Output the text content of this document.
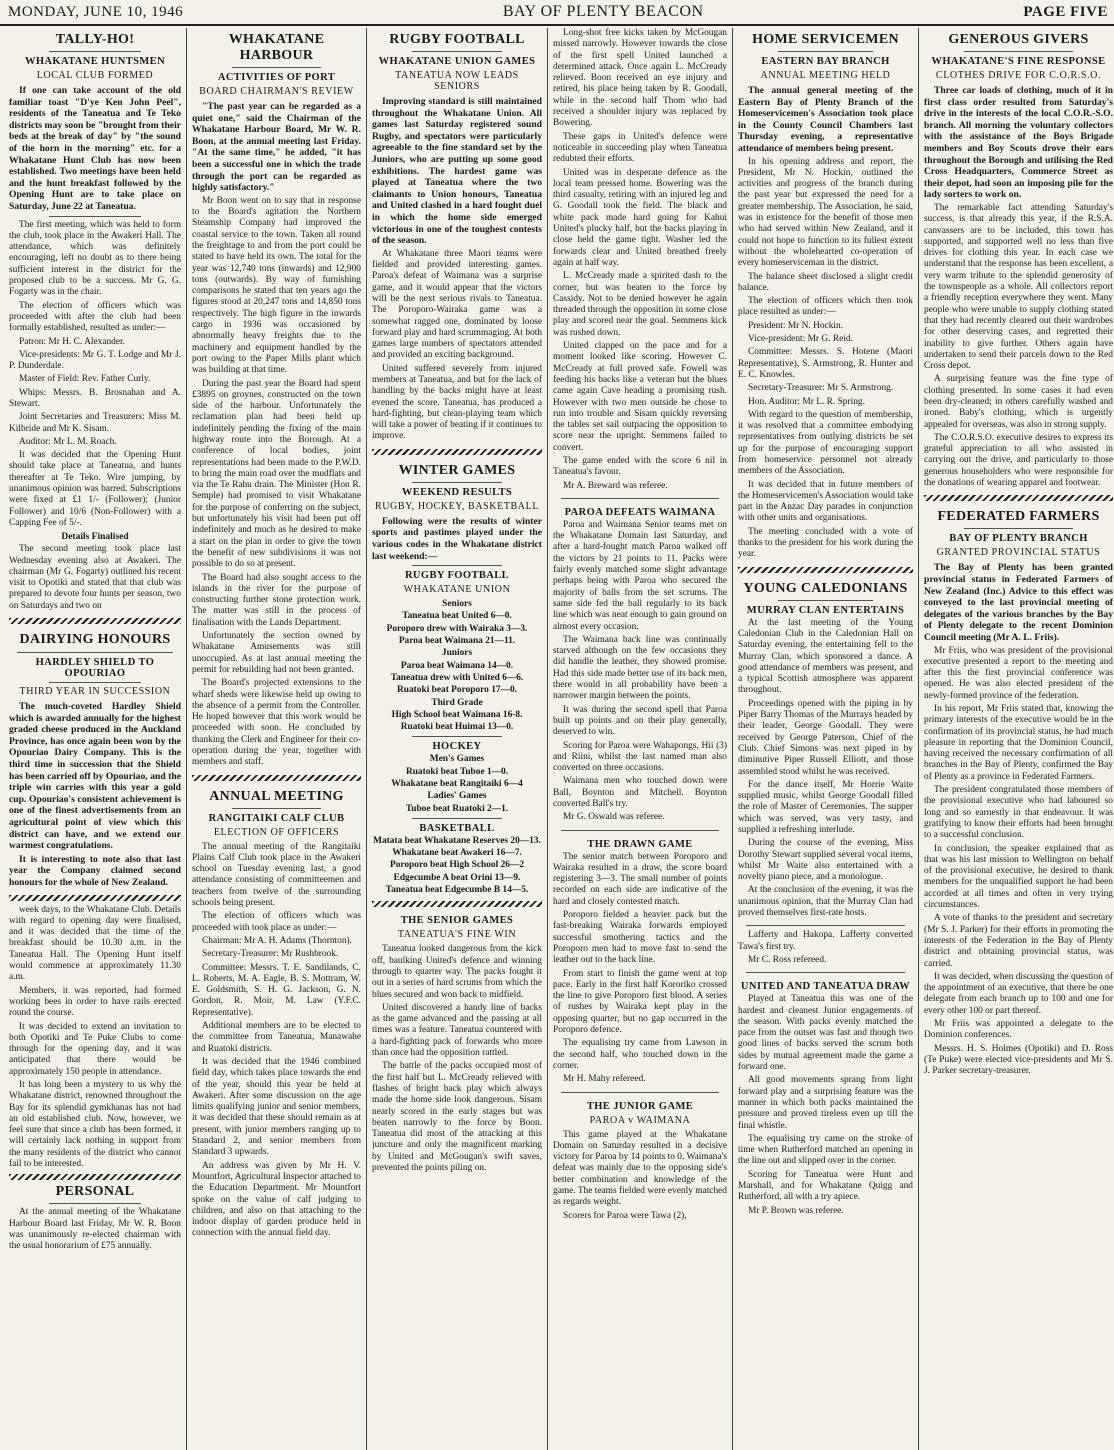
MONDAY, JUNE 10, 1946	BAY OF PLENTY BEACON	PAGE FIVE
TALLY-HO!
WHAKATANE HUNTSMEN
LOCAL CLUB FORMED

If one can take account of the old familiar toast "D'ye Ken John Peel", residents of the Taneatua and Te Teko districts may soon be "brought from their beds at the break of day" by "the sound of the horn in the morning" etc. for a Whakatane Hunt Club has now been established. Two meetings have been held and the hunt breakfast followed by the Opening Hunt are to take place on Saturday, June 22 at Taneatua.

The first meeting, which was held to form the club, took place in the Awakeri Hall. The attendance, which was definitely encouraging, left no doubt as to there being sufficient interest in the district for the proposed club to be a success. Mr G. G. Fogarty was in the chair.

The election of officers which was proceeded with after the club had been formally established, resulted as under:—

Patron: Mr H. C. Alexander.

Vice-presidents: Mr G. T. Lodge and Mr J. P. Dunderdale.

Master of Field: Rev. Father Curly.

Whips: Messrs. B. Brosnahan and A. Stewart.

Joint Secretaries and Treasurers: Miss M. Kilbride and Mr K. Sisam.

Auditor: Mr L. M. Roach.

It was decided that the Opening Hunt should take place at Taneatua, and hunts thereafter at Te Teko. Wire jumping, by unanimous opinion was barred. Subscriptions were fixed at £1 1/- (Follower); (Junior Follower) and 10/6 (Non-Follower) with a Capping Fee of 5/-.

Details Finalised

The second meeting took place last Wednesday evening also at Awakeri. The chairman (Mr G. Fogarty) outlined his recent visit to Opotiki and stated that that club was prepared to devote four hunts per season, two on Saturdays and two on

DAIRYING HONOURS
HARDLEY SHIELD TO OPOURIAO
THIRD YEAR IN SUCCESSION

The much-coveted Hardley Shield which is awarded annually for the highest graded cheese produced in the Auckland Province, has once again been won by the Opouriao Dairy Company. This is the third time in succession that the Shield has been carried off by Opouriao, and the triple win carries with this year a gold cup. Opouriao's consistent achievement is one of the finest advertisements from an agricultural point of view which this district can have, and we extend our warmest congratulations.

It is interesting to note also that last year the Company claimed second honours for the whole of New Zealand.

week days, to the Whakatane Club. Details with regard to opening day were finalised, and it was decided that the time of the breakfast should be 10.30 a.m. in the Taneatua Hall. The Opening Hunt itself would commence at approximately 11.30 a.m.

Members, it was reported, had formed working bees in order to have rails erected round the course.

It was decided to extend an invitation to both Opotiki and Te Puke Clubs to come through for the opening day, and it was anticipated that there would be approximately 150 people in attendance.

It has long been a mystery to us why the Whakatane district, renowned throughout the Bay for its splendid gymkhanas has not had an old established club. Now, however, we feel sure that since a club has been formed, it will certainly lack nothing in support from the many residents of the district who cannot fail to be interested.

PERSONAL

At the annual meeting of the Whakatane Harbour Board last Friday, Mr W. R. Boon was unanimously re-elected chairman with the usual honorarium of £75 annually.

WHAKATANE HARBOUR
ACTIVITIES OF PORT
BOARD CHAIRMAN'S REVIEW

"The past year can be regarded as a quiet one," said the Chairman of the Whakatane Harbour Board, Mr W. R. Boon, at the annual meeting last Friday. "At the same time," he added, "it has been a successful one in which the trade through the port can be regarded as highly satisfactory."

Mr Boon went on to say that in response to the Board's agitation the Northern Steamship Company had improved the coastal service to the town. Taken all round the freightage to and from the port could be stated to have held its own. The total for the year was 12,740 tons (inwards) and 12,900 tons (outwards). By way of furnishing comparisons he stated that ten years ago the figures stood at 20,247 tons and 14,850 tons respectively. The high figure in the inwards cargo in 1936 was occasioned by abnormally heavy freights due to the machinery and equipment handled by the port owing to the Paper Mills plant which was building at that time.

During the past year the Board had spent £3895 on groynes, constructed on the town side of the harbour. Unfortunately the reclamation plan had been held up indefinitely pending the fixing of the main highway route into the Borough. At a conference of local bodies, joint representations had been made to the P.W.D. to bring the main road over the mudflats and via the Te Rahu drain. The Minister (Hon R. Semple) had promised to visit Whakatane for the purpose of conferring on the subject, but unfortunately his visit had been put off indefinitely and much as he desired to make a start on the plan in order to give the town the benefit of new subdivisions it was not possible to do so at present.

The Board had also sought access to the islands in the river for the purpose of constructing further stone protection work. The matter was still in the process of finalisation with the Lands Department.

Unfortunately the section owned by Whakatane Amusements was still unoccupied. As at last annual meeting the permit for rebuilding had not been granted.

The Board's projected extensions to the wharf sheds were likewise held up owing to the absence of a permit from the Controller. He hoped however that this work would be proceeded with soon. He concluded by thanking the Clerk and Engineer for their co-operation during the year, together with members and staff.

ANNUAL MEETING
RANGITAIKI CALF CLUB
ELECTION OF OFFICERS

The annual meeting of the Rangitaiki Plains Calf Club took place in the Awakeri school on Tuesday evening last, a good attendance consisting of committeemen and teachers from twelve of the surrounding schools being present.

The election of officers which was proceeded with took place as under:—

Chairman: Mr A. H. Adams (Thornton).

Secretary-Treasurer: Mr Rushbrook.

Committee: Messrs. T. E. Sandilands, C. L. Roberts, M. A. Eagle, B. S. Mottram, W. E. Goldsmith, S. H. G. Jackson, G. N. Gordon, R. Moir, M. Law (Y.F.C. Representative).

Additional members are to be elected to the committee from Taneatua, Manawahe and Ruatoki districts.

It was decided that the 1946 combined field day, which takes place towards the end of the year, should this year be held at Awakeri. After some discussion on the age limits qualifying junior and senior members, it was decided that these should remain as at present, with junior members ranging up to Standard 2, and senior members from Standard 3 upwards.

An address was given by Mr H. V. Mountfort, Agricultural Inspector attached to the Education Department. Mr Mountfort spoke on the value of calf judging to children, and also on that attaching to the indoor display of garden produce held in connection with the annual field day.

RUGBY FOOTBALL
WHAKATANE UNION GAMES
TANEATUA NOW LEADS SENIORS

Improving standard is still maintained throughout the Whakatane Union. All games last Saturday registered sound Rugby, and spectators were particularly agreeable to the fine standard set by the Juniors, who are putting up some good exhibitions. The hardest game was played at Taneatua where the two claimants to Union honours, Taneatua and United clashed in a hard fought duel in which the home side emerged victorious in one of the toughest contests of the season.

At Whakatane three Maori teams were fielded and provided interesting games. Paroa's defeat of Waimana was a surprise game, and it would appear that the victors will be the next serious rivals to Taneatua. The Poroporo-Wairaka game was a somewhat ragged one, dominated by loose forward play and hard scrummaging. At both games large numbers of spectators attended and provided an exciting background.

United suffered severely from injured members at Taneatua, and but for the lack of handling by the backs might have at least evened the score. Taneatua, has produced a hard-fighting, but clean-playing team which will take a power of beating if it continues to improve.

WINTER GAMES
WEEKEND RESULTS
RUGBY, HOCKEY, BASKETBALL

Following were the results of winter sports and pastimes played under the various codes in the Whakatane district last weekend:—

RUGBY FOOTBALL
WHAKATANE UNION
Seniors
Taneatua beat United 6—0.
Poroporo drew with Wairaka 3—3.
Paroa beat Waimana 21—11.
Juniors
Paroa beat Waimana 14—0.
Taneatua drew with United 6—6.
Ruatoki beat Poroporo 17—0.
Third Grade
High School beat Waimana 16-8.
Ruatoki beat Huimai 13—0.
HOCKEY
Men's Games
Ruatoki beat Tuboe 1—0.
Whakatane beat Rangitaiki 6—4
Ladies' Games
Tuboe beat Ruatoki 2—1.
BASKETBALL
Matata beat Whakatane Reserves 20—13.
Whakatane beat Awakeri 16—7.
Poroporo beat High School 26—2
Edgecumbe A beat Orini 13—9.
Taneatua beat Edgecumbe B 14—5.
THE SENIOR GAMES
TANEATUA'S FINE WIN

Taneatua looked dangerous from the kick off, baulking United's defence and winning through to quarter way. The packs fought it out in a series of hard scrums from which the blues secured and won back to midfield.

United discovered a handy line of backs as the game advanced and the passing at all times was a feature. Taneatua countered with a hard-fighting pack of forwards who more than once had the opposition rattled.

The battle of the packs occupied most of the first half but L. McCready relieved with flashes of bright back play which always made the home side look dangerous. Sisam nearly scored in the early stages but was beaten narrowly to the force by Boon. Taneatua did most of the attacking at this juncture and only the magnificent marking by United and McGougan's swift saves, prevented the points piling on.

Long-shot free kicks taken by McGougan missed narrowly. However towards the close of the first spell United launched a determined attack. Once again L. McCready relieved. Boon received an eye injury and retired, his place being taken by R. Goodall, while in the second half Thom who had received a shoulder injury was replaced by Bowering.

These gaps in United's defence were noticeable in succeeding play when Taneatua redubted their efforts.

United was in desperate defence as the local team pressed home. Bowering was the third casualty, retiring with an injured leg and G. Goodall took the field. The black and white pack made hard going for Kahui United's plucky half, but the backs playing in close held the game tight. Washer led the forwards clear and United breathed freely again at half way.

L. McCready made a spirited dash to the corner, but was beaten to the force by Cassidy. Not to be denied however he again threaded through the opposition in some close play and scored near the goal. Semmens kick was rushed down.

United clapped on the pace and for a moment looked like scoring. However C. McCready at full proved safe. Fowell was feeding his backs like a veteran but the blues came again Cave heading a promising rush. However with two men outside he chose to run into trouble and Sisam quickly reversing the tables set sail outpacing the opposition to score near the upright. Semmens failed to convert.

The game ended with the score 6 nil in Taneatua's favour.

Mr A. Breward was referee.

PAROA DEFEATS WAIMANA

Paroa and Waimana Senior teams met on the Whakatane Domain last Saturday, and after a hard-fought match Paroa walked off the victors by 21 points to 11. Packs were fairly evenly matched some slight advantage perhaps being with Paroa who secured the majority of balls from the set scrums. The same side fed the ball regularly to its back line which was neat enough to gain ground on almost every occasion.

The Waimana back line was continually starved although on the few occasions they did handle the leather, they showed promise. Had this side made better use of its back men, there would in all probability have been a narrower margin between the points.

It was during the second spell that Paroa built up points and on their play generally, deserved to win.

Scoring for Paroa were Wahapongs, Hii (3) and Riini, whilst the last named man also converted on three occasions.

Waimana men who touched down were Ball, Boynton and Mitchell. Boynton converted Ball's try.

Mr G. Oswald was referee.

THE DRAWN GAME

The senior match between Poroporo and Wairaka resulted in a draw, the score board registering 3—3. The small number of points recorded on each side are indicative of the hard and closely contested match.

Poroporo fielded a heavier pack but the fast-breaking Wairaka forwards employed successful smothering tactics and the Poroporo men had to move fast to send the leather out to the back line.

From start to finish the game went at top pace. Early in the first half Kororiko crossed the line to give Poroporo first blood. A series of rushes by Wairaka kept play in the opposing quarter, but no gap occurred in the Poroporo defence.

The equalising try came from Lawson in the second half, who touched down in the corner.

Mr H. Mahy refereed.

THE JUNIOR GAME
PAROA v WAIMANA

This game played at the Whakatane Domain on Saturday resulted in a decisive victory for Paroa by 14 points to 0. Waimana's defeat was mainly due to the opposing side's better combination and knowledge of the game. The teams fielded were evenly matched as regards weight.

Scorers for Paroa were Tawa (2),

HOME SERVICEMEN
EASTERN BAY BRANCH
ANNUAL MEETING HELD

The annual general meeting of the Eastern Bay of Plenty Branch of the Homeservicemen's Association took place in the County Council Chambers last Thursday evening, a representative attendance of members being present.

In his opening address and report, the President, Mr N. Hockin, outlined the activities and progress of the branch during the past year but expressed the need for a greater membership. The Association, he said, was in existence for the benefit of those men who had served within New Zealand, and it could not hope to function to its fullest extent without the wholehearted co-operation of every homeserviceman in the district.

The balance sheet disclosed a slight credit balance.

The election of officers which then took place resulted as under:—

President: Mr N. Hockin.

Vice-president: Mr G. Reid.

Committee: Messrs. S. Hotene (Maori Representative), S. Armstrong, R. Hunter and E. C. Knowles.

Secretary-Treasurer: Mr S. Armstrong.

Hon. Auditor: Mr L. R. Spring.

With regard to the question of membership, it was resolved that a committee embodying representatives from outlying districts be set up for the purpose of encouraging support from homeservice personnel not already members of the Association.

It was decided that in future members of the Homeservicemen's Association would take part in the Anzac Day parades in conjunction with other units and organisations.

The meeting concluded with a vote of thanks to the president for his work during the year.

YOUNG CALEDONIANS
MURRAY CLAN ENTERTAINS

At the last meeting of the Young Caledonian Club in the Caledonian Hall on Saturday evening, the entertaining fell to the Murray Clan, which sponsored a dance. A good attendance of members was present, and a typical Scottish atmosphere was apparent throughout.

Proceedings opened with the piping in by Piper Barry Thomas of the Murrays headed by their leader, George Goodall. They were received by George Paterson, Chief of the Club. Chief Simons was next piped in by diminutive Piper Russell Elliott, and those assembled stood whilst he was received.

For the dance itself, Mr Horrie Waite supplied music, whilst George Goodall filled the role of Master of Ceremonies. The supper which was served, was very tasty, and supplied a refreshing interlude.

During the course of the evening, Miss Dorothy Stewart supplied several vocal items, whilst Mr Waite also entertained with a novelty piano piece, and a monologue.

At the conclusion of the evening, it was the unanimous opinion, that the Murray Clan had proved themselves first-rate hosts.

Lafferty and Hakopa. Lafferty converted Tawa's first try.

Mr C. Ross refereed.

UNITED AND TANEATUA DRAW

Played at Taneatua this was one of the hardest and cleanest Junior engagements of the season. With packs evenly matched the pace from the outset was fast and though two good lines of backs served the scrum both sides by mutual agreement made the game a forward one.

All good movements sprang from light forward play and a surprising feature was the manner in which both packs maintained the pressure and proved tireless even up till the final whistle.

The equalising try came on the stroke of time when Rutherford matched an opening in the line out and slipped over in the corner.

Scoring for Taneatua were Hunt and Marshall, and for Whakatane Quigg and Rutherford, all with a try apiece.

Mr P. Brown was referee.

GENEROUS GIVERS
WHAKATANE'S FINE RESPONSE
CLOTHES DRIVE FOR C.O.R.S.O.

Three car loads of clothing, much of it in first class order resulted from Saturday's drive in the interests of the local C.O.R.-S.O. branch. All morning the voluntary collectors with the assistance of the Boys Brigade members and Boy Scouts drove their ears throughout the Borough and utilising the Red Cross Headquarters, Commerce Street as their depot, had soon an imposing pile for the lady sorters to work on.

The remarkable fact attending Saturday's success, is that already this year, if the R.S.A. canvassers are to be included, this town has supported, and supported well no less than five drives for clothing this year. In each case we understand that the response has been excellent, a very warm tribute to the splendid generosity of the townspeople as a whole. All collectors report a friendly reception everywhere they went. Many people who were unable to supply clothing stated that they had recently cleared out their wardrobes for other deserving cases, and regretted their inability to give further. Others again have undertaken to send their parcels down to the Red Cross depot.

A surprising feature was the fine type of clothing presented. In some cases it had even been dry-cleaned; in others carefully washed and ironed. Baby's clothing, which is urgently appealed for overseas, was also in strong supply.

The C.O.R.S.O. executive desires to express its grateful appreciation to all who assisted in carrying out the drive, and particularly to those generous householders who were responsible for the donations of wearing apparel and footwear.

FEDERATED FARMERS
BAY OF PLENTY BRANCH
GRANTED PROVINCIAL STATUS

The Bay of Plenty has been granted provincial status in Federated Farmers of New Zealand (Inc.) Advice to this effect was conveyed to the last provincial meeting of delegates of the various branches by the Bay of Plenty delegate to the recent Dominion Council meeting (Mr A. L. Friis).

Mr Friis, who was president of the provisional executive presented a report to the meeting and after this the first provincial conference was opened. He was also elected president of the newly-formed province of the federation.

In his report, Mr Friis stated that, knowing the primary interests of the executive would be in the confirmation of its provincial status, he had much pleasure in reporting that the Dominion Council, having received the necessary confirmation of all branches in the Bay of Plenty, confirmed the Bay of Plenty as a province in Federated Farmers.

The president congratulated those members of the provisional executive who had laboured so long and so earnestly in that endeavour. It was gratifying to know their efforts had been brought to a successful conclusion.

In conclusion, the speaker explained that as that was his last mission to Wellington on behalf of the provisional executive, he desired to thank members for the unqualified support he had been accorded at all times and often in very trying circumstances.

A vote of thanks to the president and secretary (Mr S. J. Parker) for their efforts in promoting the interests of the Federation in the Bay of Plenty district and obtaining provincial status, was carried.

It was decided, when discussing the question of the appointment of an executive, that there be one delegate from each branch up to 100 and one for every other 100 or part thereof.

Mr Friis was appointed a delegate to the Dominion conferences.

Messrs. H. S. Holmes (Opotiki) and D. Ross (Te Puke) were elected vice-presidents and Mr S. J. Parker secretary-treasurer.
